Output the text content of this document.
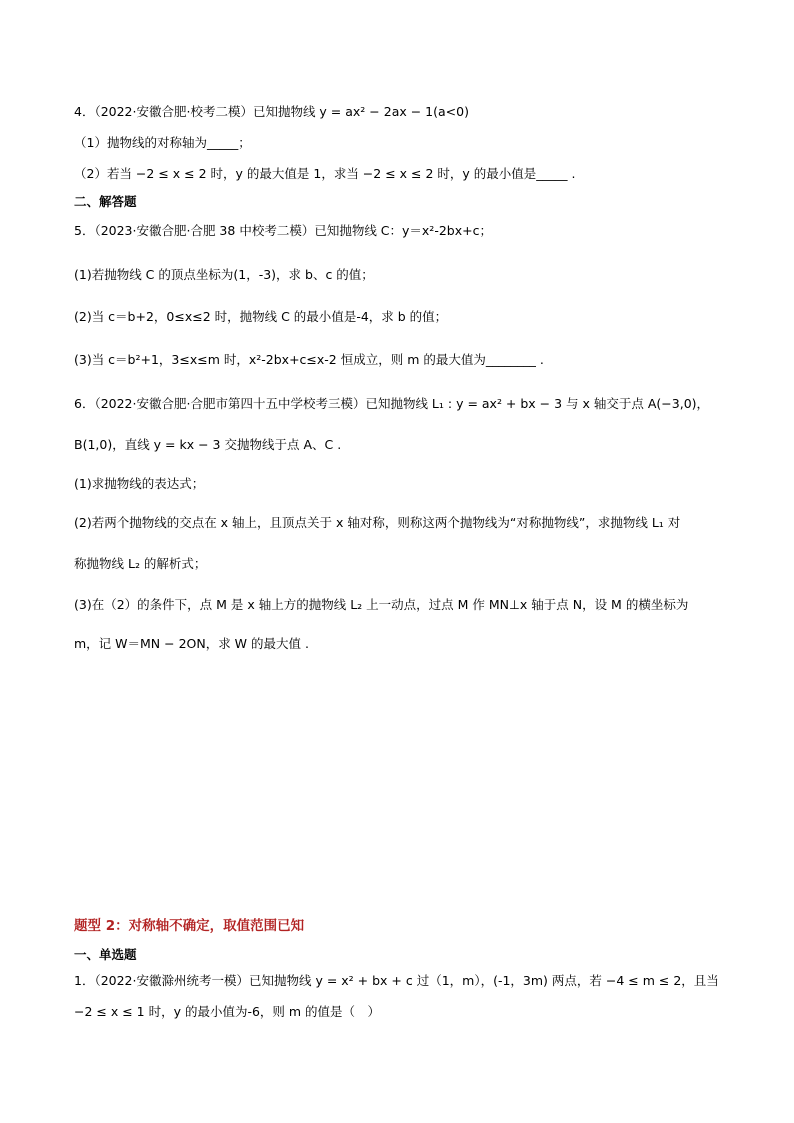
4．（2022·安徽合肥·校考二模）已知抛物线 y = ax² − 2ax − 1(a<0)
（1）抛物线的对称轴为_____；
（2）若当 −2 ≤ x ≤ 2 时，y 的最大值是 1，求当 −2 ≤ x ≤ 2 时，y 的最小值是_____ .
二、解答题
5．（2023·安徽合肥·合肥 38 中校考二模）已知抛物线 C：y＝x²-2bx+c；
(1)若抛物线 C 的顶点坐标为(1，-3)，求 b、c 的值；
(2)当 c＝b+2，0≤x≤2 时，抛物线 C 的最小值是-4，求 b 的值；
(3)当 c＝b²+1，3≤x≤m 时，x²-2bx+c≤x-2 恒成立，则 m 的最大值为________ .
6．（2022·安徽合肥·合肥市第四十五中学校考三模）已知抛物线 L₁ : y = ax² + bx − 3 与 x 轴交于点 A(−3,0)，
B(1,0)，直线 y = kx − 3 交抛物线于点 A、C .
(1)求抛物线的表达式；
(2)若两个抛物线的交点在 x 轴上，且顶点关于 x 轴对称，则称这两个抛物线为“对称抛物线”，求抛物线 L₁ 对
称抛物线 L₂ 的解析式；
(3)在（2）的条件下，点 M 是 x 轴上方的抛物线 L₂ 上一动点，过点 M 作 MN⊥x 轴于点 N，设 M 的横坐标为
m，记 W＝MN − 2ON，求 W 的最大值 .
题型 2：对称轴不确定，取值范围已知
一、单选题
1．（2022·安徽滁州统考一模）已知抛物线 y = x² + bx + c 过（1，m），(-1，3m) 两点，若 −4 ≤ m ≤ 2，且当
−2 ≤ x ≤ 1 时，y 的最小值为-6，则 m 的值是（　）
